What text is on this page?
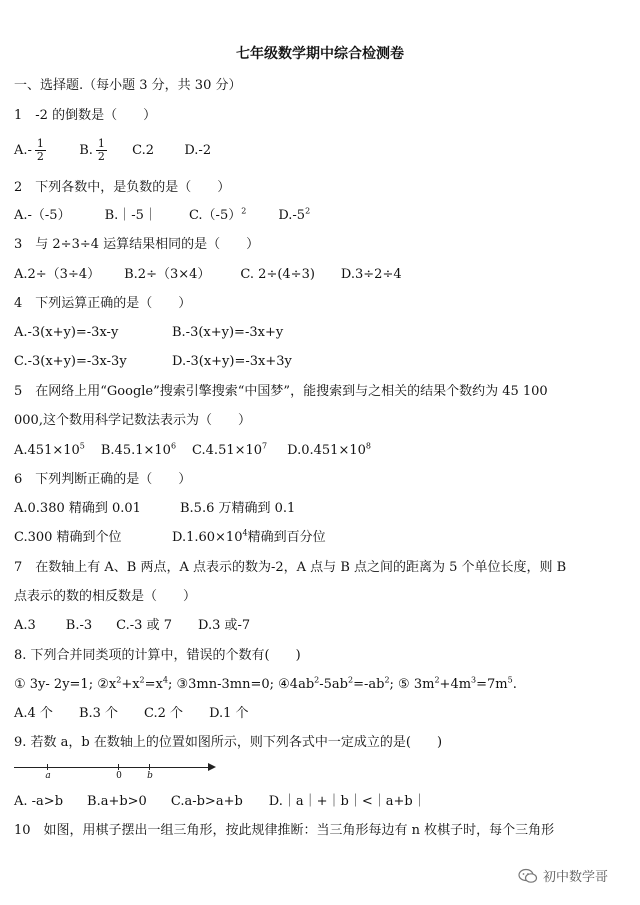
七年级数学期中综合检测卷
一、选择题.（每小题 3 分，共 30 分）
1　-2 的倒数是（　　）
$A.- \frac{1}{2}$	B. $\frac{1}{2} C.2$ D.-2
2　下列各数中，是负数的是（　　）
A.-（-5）	B.｜-5｜ $C.(-5)^2$ $D.-5^2$
3　与 2÷3÷4 运算结果相同的是（　　）
A.2÷（3÷4） B.2÷（3×4） C. 2÷(4÷3) D.3÷2÷4
4　下列运算正确的是（　　）
A.-3(x+y)=-3x-y	B.-3(x+y)=-3x+y
C.-3(x+y)=-3x-3y	D.-3(x+y)=-3x+3y
5　在网络上用“Google”搜索引擎搜索“中国梦”，能搜索到与之相关的结果个数约为 45 100
000,这个数用科学记数法表示为（　　）
$A.451\times 10^5$ $B.45.1\times 10^6$ $C.4.51\times 10^7$ $D.0.451\times 10^8$
6　下列判断正确的是（　　）
A.0.380 精确到 0.01	B.5.6 万精确到 0.1
C.300 精确到个位	$D.1.60\times 10^4$精确到百分位
7　在数轴上有 A、B 两点，A 点表示的数为-2，A 点与 B 点之间的距离为 5 个单位长度，则 B
点表示的数的相反数是（　　）
A.3 B.-3 C.-3 或 7 D.3 或-7
8. 下列合并同类项的计算中，错误的个数有(　　)
① 3y- 2y=1; $②x^2+x^2=x^4$; ③3mn-3mn=0; $④4ab^2-5ab^2=-ab^2$; ⑤ $3m^2+4m^3=7m^5$.
A.4 个 B.3 个 C.2 个 D.1 个
9. 若数 a，b 在数轴上的位置如图所示，则下列各式中一定成立的是(　　)
a	0	b
A. -a>b B.a+b>0 C.a-b>a+b D.｜a｜+｜b｜<｜a+b｜
10　如图，用棋子摆出一组三角形，按此规律推断：当三角形每边有 n 枚棋子时，每个三角形
初中数学哥
